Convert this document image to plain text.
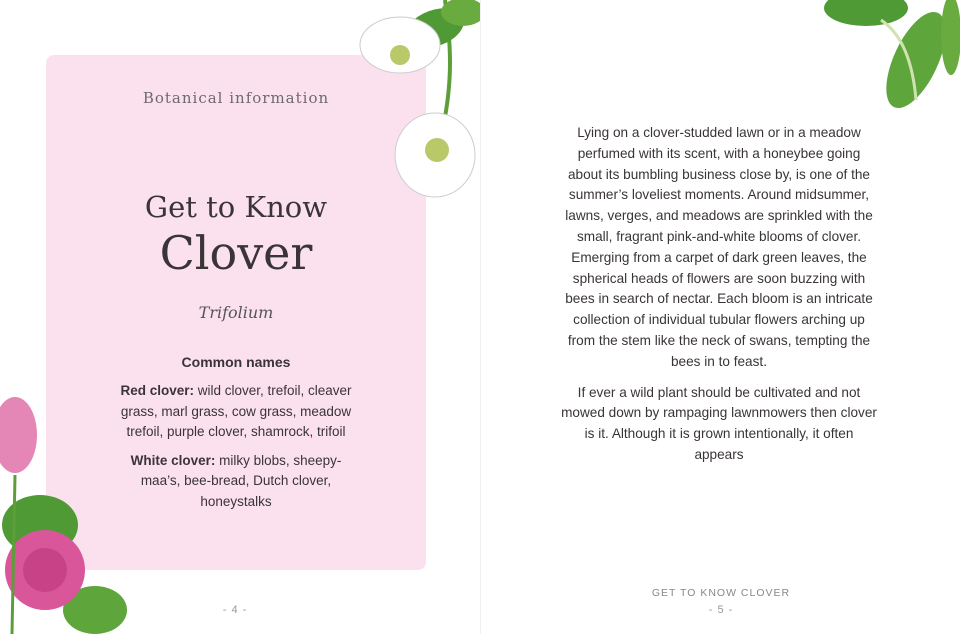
Botanical information
Get to Know
Clover
Trifolium
Common names

Red clover: wild clover, trefoil, cleaver grass, marl grass, cow grass, meadow trefoil, purple clover, shamrock, trifoil

White clover: milky blobs, sheepy-maa’s, bee-bread, Dutch clover, honeystalks

- 4 -

Lying on a clover-studded lawn or in a meadow perfumed with its scent, with a honeybee going about its bumbling business close by, is one of the summer’s loveliest moments. Around midsummer, lawns, verges, and meadows are sprinkled with the small, fragrant pink-and-white blooms of clover. Emerging from a carpet of dark green leaves, the spherical heads of flowers are soon buzzing with bees in search of nectar. Each bloom is an intricate collection of individual tubular flowers arching up from the stem like the neck of swans, tempting the bees in to feast.

If ever a wild plant should be cultivated and not mowed down by rampaging lawnmowers then clover is it. Although it is grown intentionally, it often appears

GET TO KNOW CLOVER
- 5 -
